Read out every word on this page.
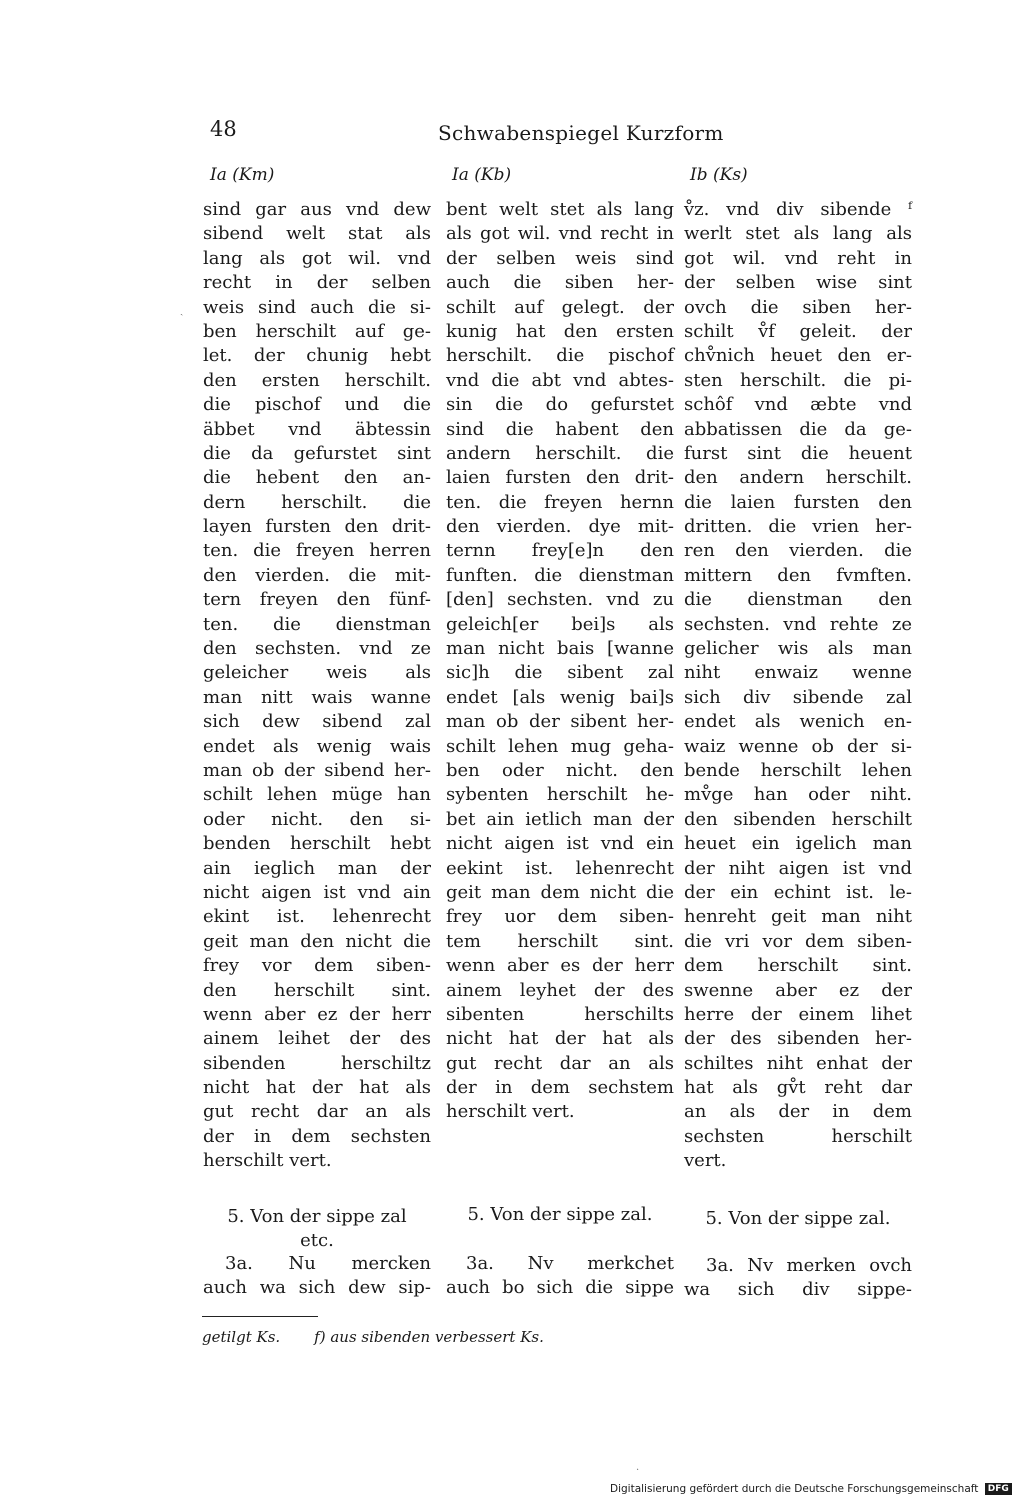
48	Schwabenspiegel Kurzform
Ia (Km)	Ia (Kb)	Ib (Ks)
sind gar aus vnd dew
sibend welt stat als
lang als got wil. vnd
recht in der selben
weis sind auch die si-
ben herschilt auf ge-
let. der chunig hebt
den ersten herschilt.
die pischof und die
äbbet vnd äbtessin
die da gefurstet sint
die hebent den an-
dern herschilt. die
layen fursten den drit-
ten. die freyen herren
den vierden. die mit-
tern freyen den fünf-
ten. die dienstman
den sechsten. vnd ze
geleicher weis als
man nitt wais wanne
sich dew sibend zal
endet als wenig wais
man ob der sibend her-
schilt lehen müge han
oder nicht. den si-
benden herschilt hebt
ain ieglich man der
nicht aigen ist vnd ain
ekint ist. lehenrecht
geit man den nicht die
frey vor dem siben-
den herschilt sint.
wenn aber ez der herr
ainem leihet der des
sibenden herschiltz
nicht hat der hat als
gut recht dar an als
der in dem sechsten
herschilt vert.
bent welt stet als lang
als got wil. vnd recht in
der selben weis sind
auch die siben her-
schilt auf gelegt. der
kunig hat den ersten
herschilt. die pischof
vnd die abt vnd abtes-
sin die do gefurstet
sind die habent den
andern herschilt. die
laien fursten den drit-
ten. die freyen hernn
den vierden. dye mit-
ternn frey[e]n den
funften. die dienstman
[den] sechsten. vnd zu
geleich[er bei]s als
man nicht bais [wanne
sic]h die sibent zal
endet [als wenig bai]s
man ob der sibent her-
schilt lehen mug geha-
ben oder nicht. den
sybenten herschilt he-
bet ain ietlich man der
nicht aigen ist vnd ein
eekint ist. lehenrecht
geit man dem nicht die
frey uor dem siben-
tem herschilt sint.
wenn aber es der herr
ainem leyhet der des
sibenten herschilts
nicht hat der hat als
gut recht dar an als
der in dem sechstem
herschilt vert.
v̊z. vnd div sibende ᶠ
werlt stet als lang als
got wil. vnd reht in
der selben wise sint
ovch die siben her-
schilt v̊f geleit. der
chv̊nich heuet den er-
sten herschilt. die pi-
schôf vnd æbte vnd
abbatissen die da ge-
furst sint die heuent
den andern herschilt.
die laien fursten den
dritten. die vrien her-
ren den vierden. die
mittern den fvmften.
die dienstman den
sechsten. vnd rehte ze
gelicher wis als man
niht enwaiz wenne
sich div sibende zal
endet als wenich en-
waiz wenne ob der si-
bende herschilt lehen
mv̊ge han oder niht.
den sibenden herschilt
heuet ein igelich man
der niht aigen ist vnd
der ein echint ist. le-
henreht geit man niht
die vri vor dem siben-
dem herschilt sint.
swenne aber ez der
herre der einem lihet
der des sibenden her-
schiltes niht enhat der
hat als gv̊t reht dar
an als der in dem
sechsten herschilt
vert.
5. Von der sippe zal
etc.
5. Von der sippe zal.	5. Von der sippe zal.
3a. Nu mercken
auch wa sich dew sip-
3a. Nv merkchet
auch bo sich die sippe
3a. Nv merken ovch
wa sich div sippe-
getilgt Ks. f) aus sibenden verbessert Ks.
ˎ
.
Digitalisierung gefördert durch die Deutsche Forschungsgemeinschaft DFG
